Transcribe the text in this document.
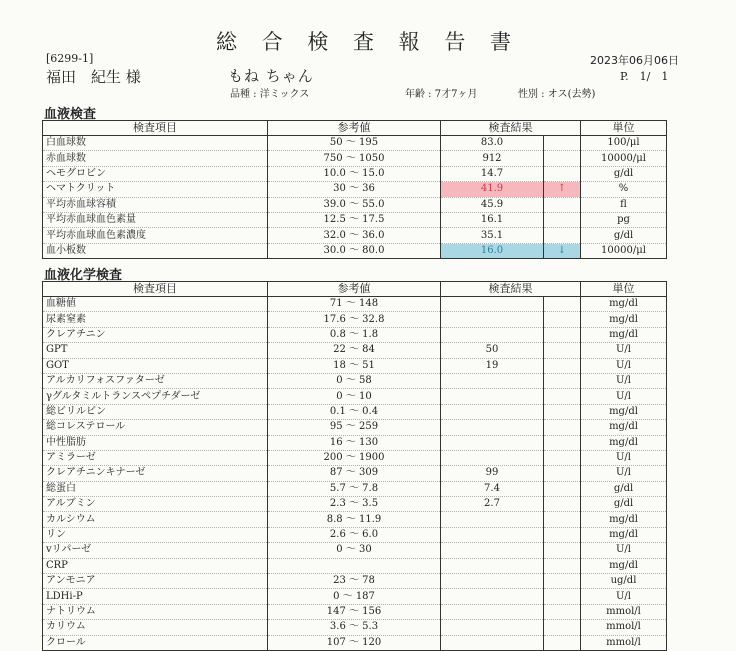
総 合 検 査 報 告 書
[6299-1]	2023年06月06日
福田　紀生 様	もね ちゃん	P.　1/　1
品種 : 洋ミックス	年齢 : 7才7ヶ月	性別 : オス(去勢)
血液検査
検査項目	参考値	検査結果		単位
白血球数	50 ～ 195	83.0		100/μl
赤血球数	750 ～ 1050	912		10000/μl
ヘモグロビン	10.0 ～ 15.0	14.7		g/dl
ヘマトクリット	30 ～ 36	41.9	↑	%
平均赤血球容積	39.0 ～ 55.0	45.9		fl
平均赤血球血色素量	12.5 ～ 17.5	16.1		pg
平均赤血球血色素濃度	32.0 ～ 36.0	35.1		g/dl
血小板数	30.0 ～ 80.0	16.0	↓	10000/μl
血液化学検査
検査項目	参考値	検査結果		単位
血糖値	71 ～ 148			mg/dl
尿素窒素	17.6 ～ 32.8			mg/dl
クレアチニン	0.8 ～ 1.8			mg/dl
GPT	22 ～ 84	50		U/l
GOT	18 ～ 51	19		U/l
アルカリフォスファターゼ	0 ～ 58			U/l
γグルタミルトランスペプチダーゼ	0 ～ 10			U/l
総ビリルビン	0.1 ～ 0.4			mg/dl
総コレステロール	95 ～ 259			mg/dl
中性脂肪	16 ～ 130			mg/dl
アミラーゼ	200 ～ 1900			U/l
クレアチニンキナーゼ	87 ～ 309	99		U/l
総蛋白	5.7 ～ 7.8	7.4		g/dl
アルブミン	2.3 ～ 3.5	2.7		g/dl
カルシウム	8.8 ～ 11.9			mg/dl
リン	2.6 ～ 6.0			mg/dl
vリパーゼ	0 ～ 30			U/l
CRP				mg/dl
アンモニア	23 ～ 78			ug/dl
LDHi-P	0 ～ 187			U/l
ナトリウム	147 ～ 156			mmol/l
カリウム	3.6 ～ 5.3			mmol/l
クロール	107 ～ 120			mmol/l
